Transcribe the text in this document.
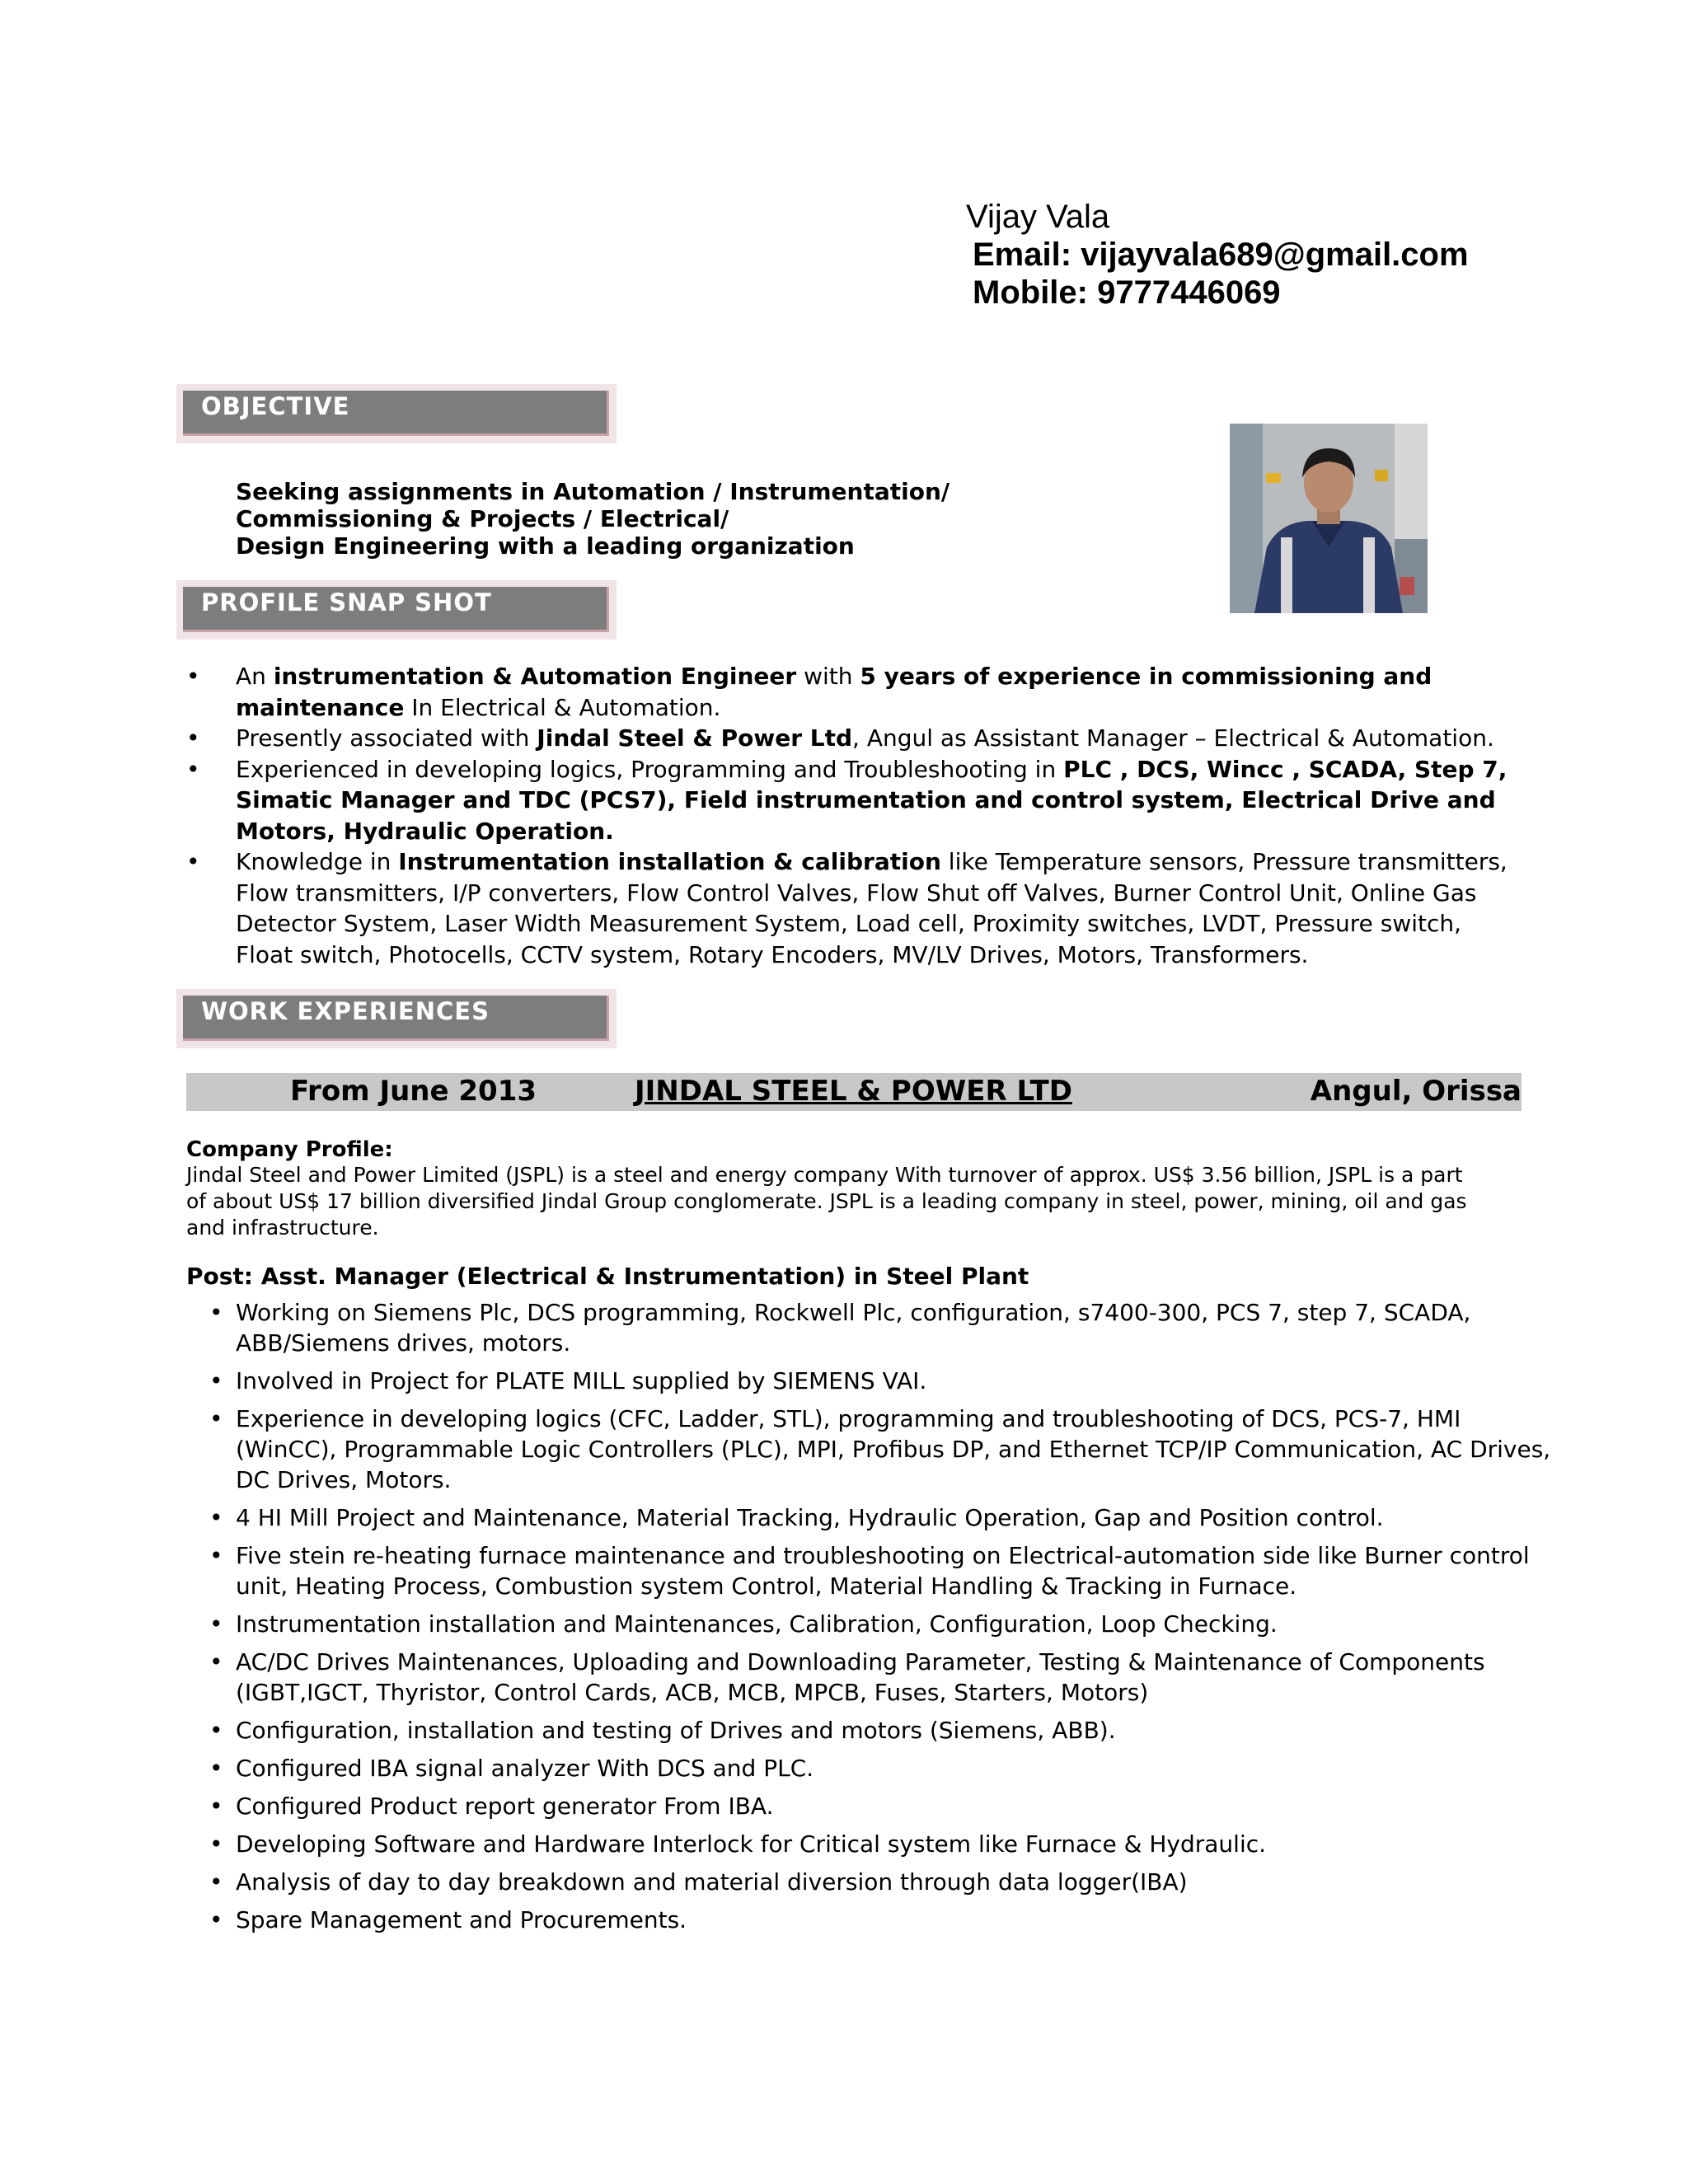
Vijay Vala
Email: vijayvala689@gmail.com
Mobile: 9777446069
OBJECTIVE
Seeking assignments in Automation / Instrumentation/
Commissioning & Projects / Electrical/
Design Engineering with a leading organization
PROFILE SNAP SHOT
• An instrumentation & Automation Engineer with 5 years of experience in commissioning and maintenance In Electrical & Automation.
• Presently associated with Jindal Steel & Power Ltd, Angul as Assistant Manager – Electrical & Automation.
• Experienced in developing logics, Programming and Troubleshooting in PLC , DCS, Wincc , SCADA, Step 7, Simatic Manager and TDC (PCS7), Field instrumentation and control system, Electrical Drive and Motors, Hydraulic Operation.
• Knowledge in Instrumentation installation & calibration like Temperature sensors, Pressure transmitters, Flow transmitters, I/P converters, Flow Control Valves, Flow Shut off Valves, Burner Control Unit, Online Gas Detector System, Laser Width Measurement System, Load cell, Proximity switches, LVDT, Pressure switch, Float switch, Photocells, CCTV system, Rotary Encoders, MV/LV Drives, Motors, Transformers.
WORK EXPERIENCES
From June 2013	JINDAL STEEL & POWER LTD	Angul, Orissa
Company Profile:
Jindal Steel and Power Limited (JSPL) is a steel and energy company With turnover of approx. US$ 3.56 billion, JSPL is a part of about US$ 17 billion diversified Jindal Group conglomerate. JSPL is a leading company in steel, power, mining, oil and gas and infrastructure.
Post: Asst. Manager (Electrical & Instrumentation) in Steel Plant
• Working on Siemens Plc, DCS programming, Rockwell Plc, configuration, s7400-300, PCS 7, step 7, SCADA, ABB/Siemens drives, motors.
• Involved in Project for PLATE MILL supplied by SIEMENS VAI.
• Experience in developing logics (CFC, Ladder, STL), programming and troubleshooting of DCS, PCS-7, HMI (WinCC), Programmable Logic Controllers (PLC), MPI, Profibus DP, and Ethernet TCP/IP Communication, AC Drives, DC Drives, Motors.
• 4 HI Mill Project and Maintenance, Material Tracking, Hydraulic Operation, Gap and Position control.
• Five stein re-heating furnace maintenance and troubleshooting on Electrical-automation side like Burner control unit, Heating Process, Combustion system Control, Material Handling & Tracking in Furnace.
• Instrumentation installation and Maintenances, Calibration, Configuration, Loop Checking.
• AC/DC Drives Maintenances, Uploading and Downloading Parameter, Testing & Maintenance of Components (IGBT,IGCT, Thyristor, Control Cards, ACB, MCB, MPCB, Fuses, Starters, Motors)
• Configuration, installation and testing of Drives and motors (Siemens, ABB).
• Configured IBA signal analyzer With DCS and PLC.
• Configured Product report generator From IBA.
• Developing Software and Hardware Interlock for Critical system like Furnace & Hydraulic.
• Analysis of day to day breakdown and material diversion through data logger(IBA)
• Spare Management and Procurements.
